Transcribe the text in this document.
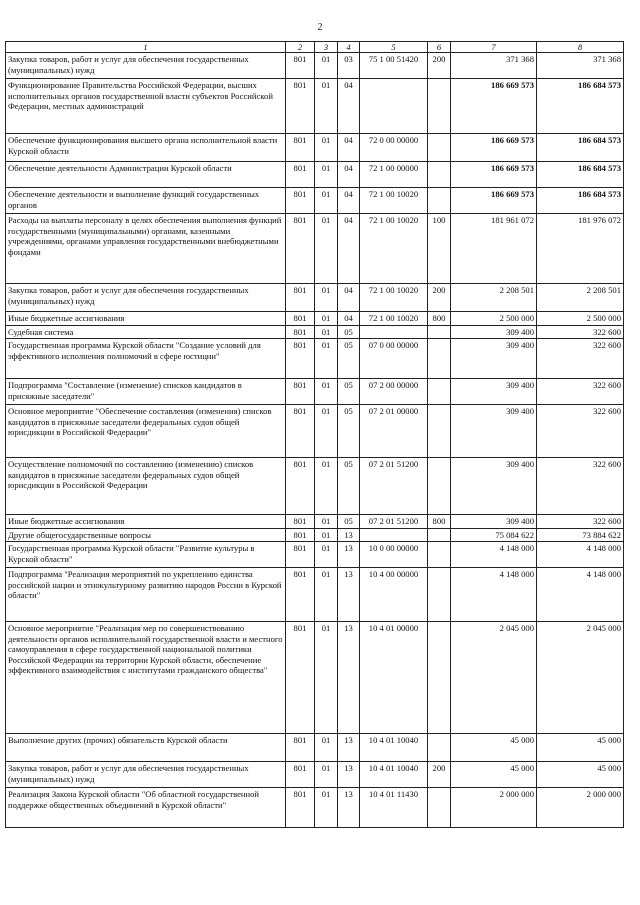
2
1	2	3	4	5	6	7	8
Закупка товаров, работ и услуг для обеспечения государственных (муниципальных) нужд	801	01	03	75 1 00 51420	200	371 368	371 368
Функционирование Правительства Российской Федерации, высших исполнительных органов государственной власти субъектов Российской Федерации, местных администраций	801	01	04			186 669 573	186 684 573
Обеспечение функционирования высшего органа исполнительной власти Курской области	801	01	04	72 0 00 00000		186 669 573	186 684 573
Обеспечение деятельности Администрации Курской области	801	01	04	72 1 00 00000		186 669 573	186 684 573
Обеспечение деятельности и выполнение функций государственных органов	801	01	04	72 1 00 10020		186 669 573	186 684 573
Расходы на выплаты персоналу в целях обеспечения выполнения функций государственными (муниципальными) органами, казенными учреждениями, органами управления государственными внебюджетными фондами	801	01	04	72 1 00 10020	100	181 961 072	181 976 072
Закупка товаров, работ и услуг для обеспечения государственных (муниципальных) нужд	801	01	04	72 1 00 10020	200	2 208 501	2 208 501
Иные бюджетные ассигнования	801	01	04	72 1 00 10020	800	2 500 000	2 500 000
Судебная система	801	01	05			309 400	322 600
Государственная программа Курской области "Создание условий для эффективного исполнения полномочий в сфере юстиции"	801	01	05	07 0 00 00000		309 400	322 600
Подпрограмма "Составление (изменение) списков кандидатов в присяжные заседатели"	801	01	05	07 2 00 00000		309 400	322 600
Основное мероприятие "Обеспечение составления (изменения) списков кандидатов в присяжные заседатели федеральных судов общей юрисдикции в Российской Федерации"	801	01	05	07 2 01 00000		309 400	322 600
Осуществление полномочий по составлению (изменению) списков кандидатов в присяжные заседатели федеральных судов общей юрисдикции в Российской Федерации	801	01	05	07 2 01 51200		309 400	322 600
Иные бюджетные ассигнования	801	01	05	07 2 01 51200	800	309 400	322 600
Другие общегосударственные вопросы	801	01	13			75 084 622	73 884 622
Государственная программа Курской области "Развитие культуры в Курской области"	801	01	13	10 0 00 00000		4 148 000	4 148 000
Подпрограмма "Реализация мероприятий по укреплению единства российской нации и этнокультурному развитию народов России в Курской области"	801	01	13	10 4 00 00000		4 148 000	4 148 000
Основное мероприятие "Реализация мер по совершенствованию деятельности органов исполнительной государственной власти и местного самоуправления в сфере государственной национальной политики Российской Федерации на территории Курской области, обеспечение эффективного взаимодействия с институтами гражданского общества"	801	01	13	10 4 01 00000		2 045 000	2 045 000
Выполнение других (прочих) обязательств Курской области	801	01	13	10 4 01 10040		45 000	45 000
Закупка товаров, работ и услуг для обеспечения государственных (муниципальных) нужд	801	01	13	10 4 01 10040	200	45 000	45 000
Реализация Закона Курской области "Об областной государственной поддержке общественных объединений в Курской области"	801	01	13	10 4 01 11430		2 000 000	2 000 000
